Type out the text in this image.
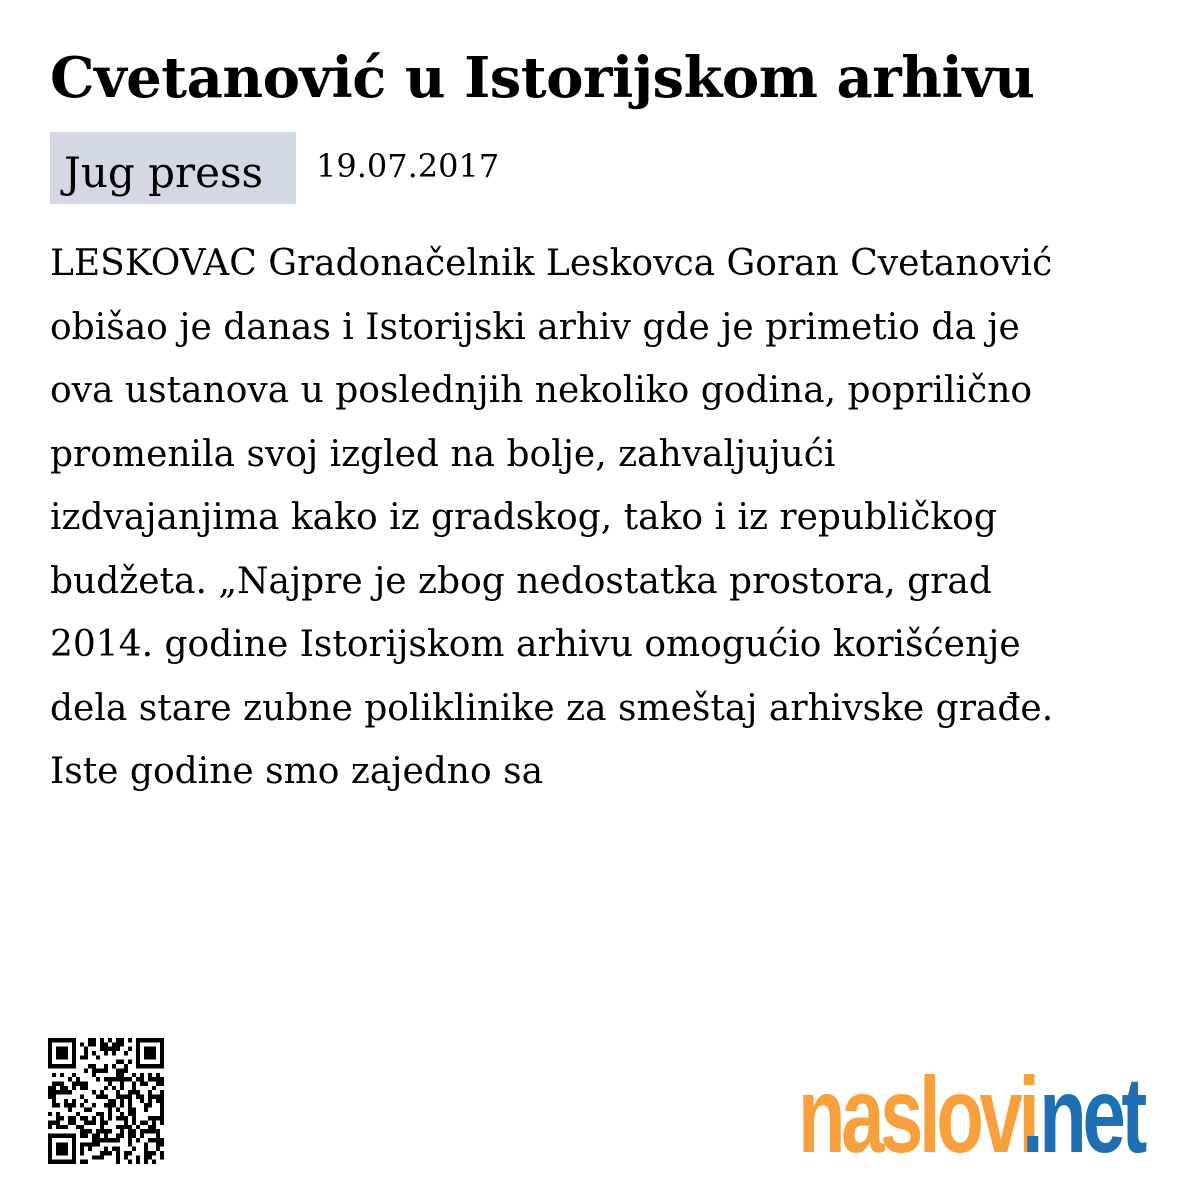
Cvetanović u Istorijskom arhivu
Jug press	19.07.2017
LESKOVAC Gradonačelnik Leskovca Goran Cvetanović
obišao je danas i Istorijski arhiv gde je primetio da je
ova ustanova u poslednjih nekoliko godina, poprilično
promenila svoj izgled na bolje, zahvaljujući
izdvajanjima kako iz gradskog, tako i iz republičkog
budžeta. „Najpre je zbog nedostatka prostora, grad
2014. godine Istorijskom arhivu omogućio korišćenje
dela stare zubne poliklinike za smeštaj arhivske građe.
Iste godine smo zajedno sa
naslovi
.net
